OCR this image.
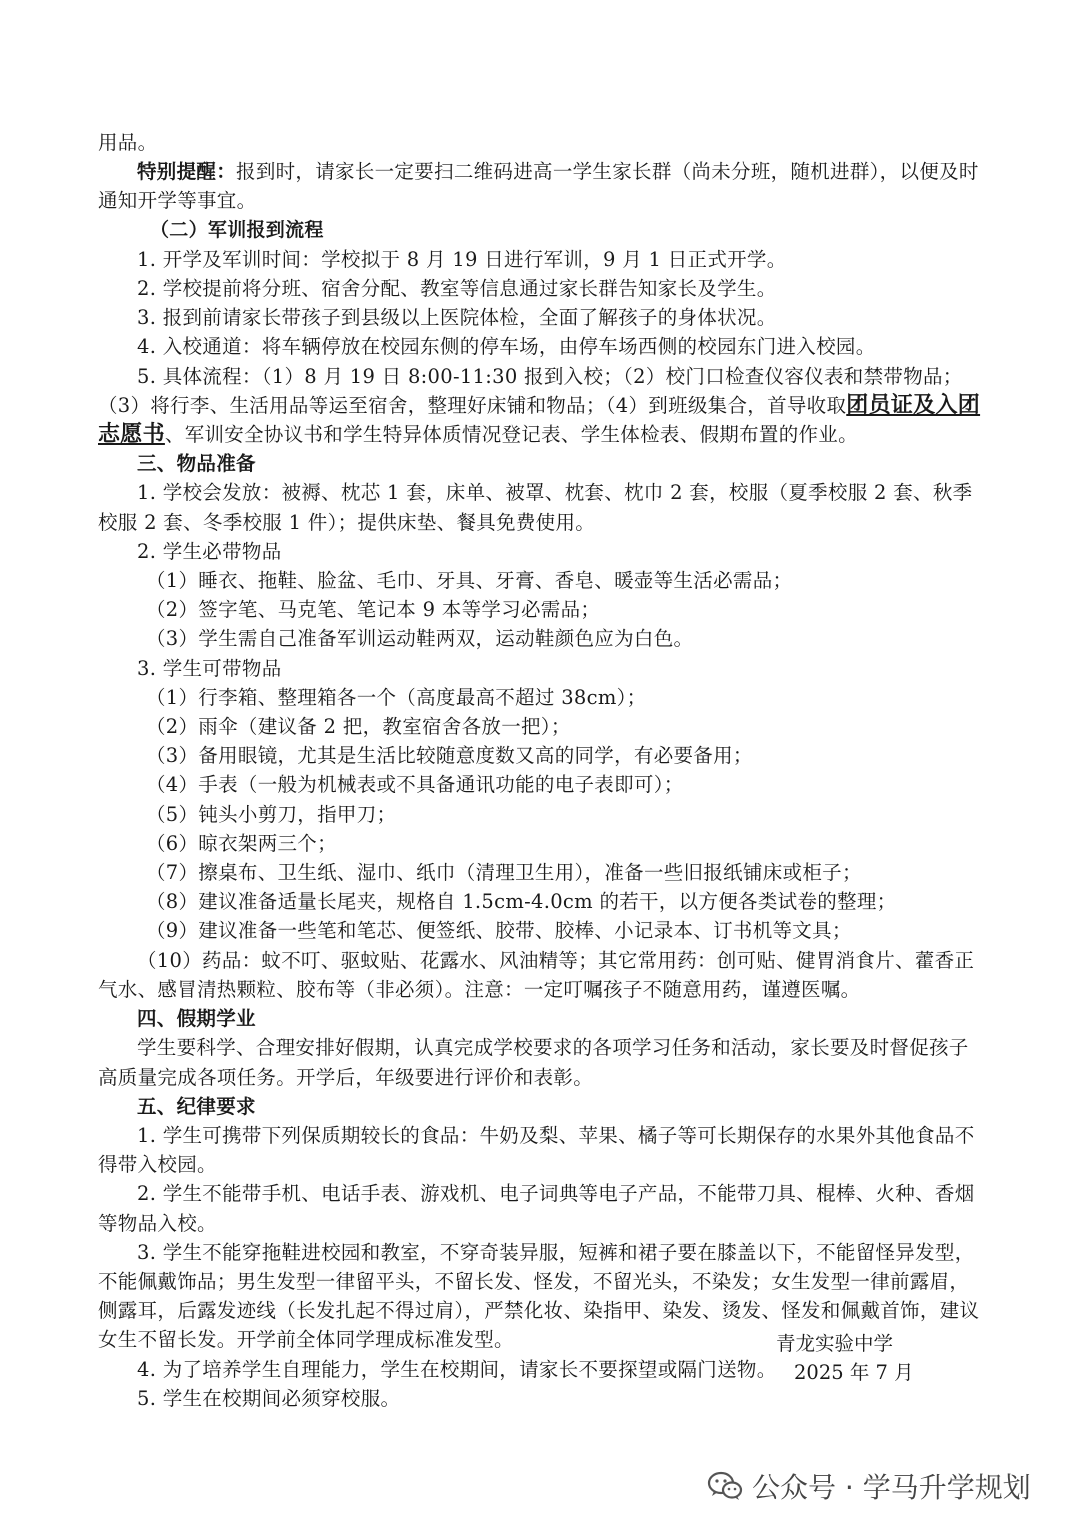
用品。

特别提醒：报到时，请家长一定要扫二维码进高一学生家长群（尚未分班，随机进群），以便及时通知开学等事宜。

（二）军训报到流程

1. 开学及军训时间：学校拟于 8 月 19 日进行军训，9 月 1 日正式开学。

2. 学校提前将分班、宿舍分配、教室等信息通过家长群告知家长及学生。

3. 报到前请家长带孩子到县级以上医院体检，全面了解孩子的身体状况。

4. 入校通道：将车辆停放在校园东侧的停车场，由停车场西侧的校园东门进入校园。

5. 具体流程：（1）8 月 19 日 8:00-11:30 报到入校；（2）校门口检查仪容仪表和禁带物品；（3）将行李、生活用品等运至宿舍，整理好床铺和物品；（4）到班级集合，首导收取团员证及入团志愿书、军训安全协议书和学生特异体质情况登记表、学生体检表、假期布置的作业。

三、物品准备

1. 学校会发放：被褥、枕芯 1 套，床单、被罩、枕套、枕巾 2 套，校服（夏季校服 2 套、秋季校服 2 套、冬季校服 1 件）；提供床垫、餐具免费使用。

2. 学生必带物品

（1）睡衣、拖鞋、脸盆、毛巾、牙具、牙膏、香皂、暖壶等生活必需品；

（2）签字笔、马克笔、笔记本 9 本等学习必需品；

（3）学生需自己准备军训运动鞋两双，运动鞋颜色应为白色。

3. 学生可带物品

（1）行李箱、整理箱各一个（高度最高不超过 38cm）；

（2）雨伞（建议备 2 把，教室宿舍各放一把）；

（3）备用眼镜，尤其是生活比较随意度数又高的同学，有必要备用；

（4）手表（一般为机械表或不具备通讯功能的电子表即可）；

（5）钝头小剪刀，指甲刀；

（6）晾衣架两三个；

（7）擦桌布、卫生纸、湿巾、纸巾（清理卫生用），准备一些旧报纸铺床或柜子；

（8）建议准备适量长尾夹，规格自 1.5cm-4.0cm 的若干，以方便各类试卷的整理；

（9）建议准备一些笔和笔芯、便签纸、胶带、胶棒、小记录本、订书机等文具；

（10）药品：蚊不叮、驱蚊贴、花露水、风油精等；其它常用药：创可贴、健胃消食片、藿香正气水、感冒清热颗粒、胶布等（非必须）。注意：一定叮嘱孩子不随意用药，谨遵医嘱。

四、假期学业

学生要科学、合理安排好假期，认真完成学校要求的各项学习任务和活动，家长要及时督促孩子高质量完成各项任务。开学后，年级要进行评价和表彰。

五、纪律要求

1. 学生可携带下列保质期较长的食品：牛奶及梨、苹果、橘子等可长期保存的水果外其他食品不得带入校园。

2. 学生不能带手机、电话手表、游戏机、电子词典等电子产品，不能带刀具、棍棒、火种、香烟等物品入校。

3. 学生不能穿拖鞋进校园和教室，不穿奇装异服，短裤和裙子要在膝盖以下，不能留怪异发型，不能佩戴饰品；男生发型一律留平头，不留长发、怪发，不留光头，不染发；女生发型一律前露眉，侧露耳，后露发迹线（长发扎起不得过肩），严禁化妆、染指甲、染发、烫发、怪发和佩戴首饰，建议女生不留长发。开学前全体同学理成标准发型。

4. 为了培养学生自理能力，学生在校期间，请家长不要探望或隔门送物。

5. 学生在校期间必须穿校服。

青龙实验中学
2025 年 7 月
公众号 · 学马升学规划
